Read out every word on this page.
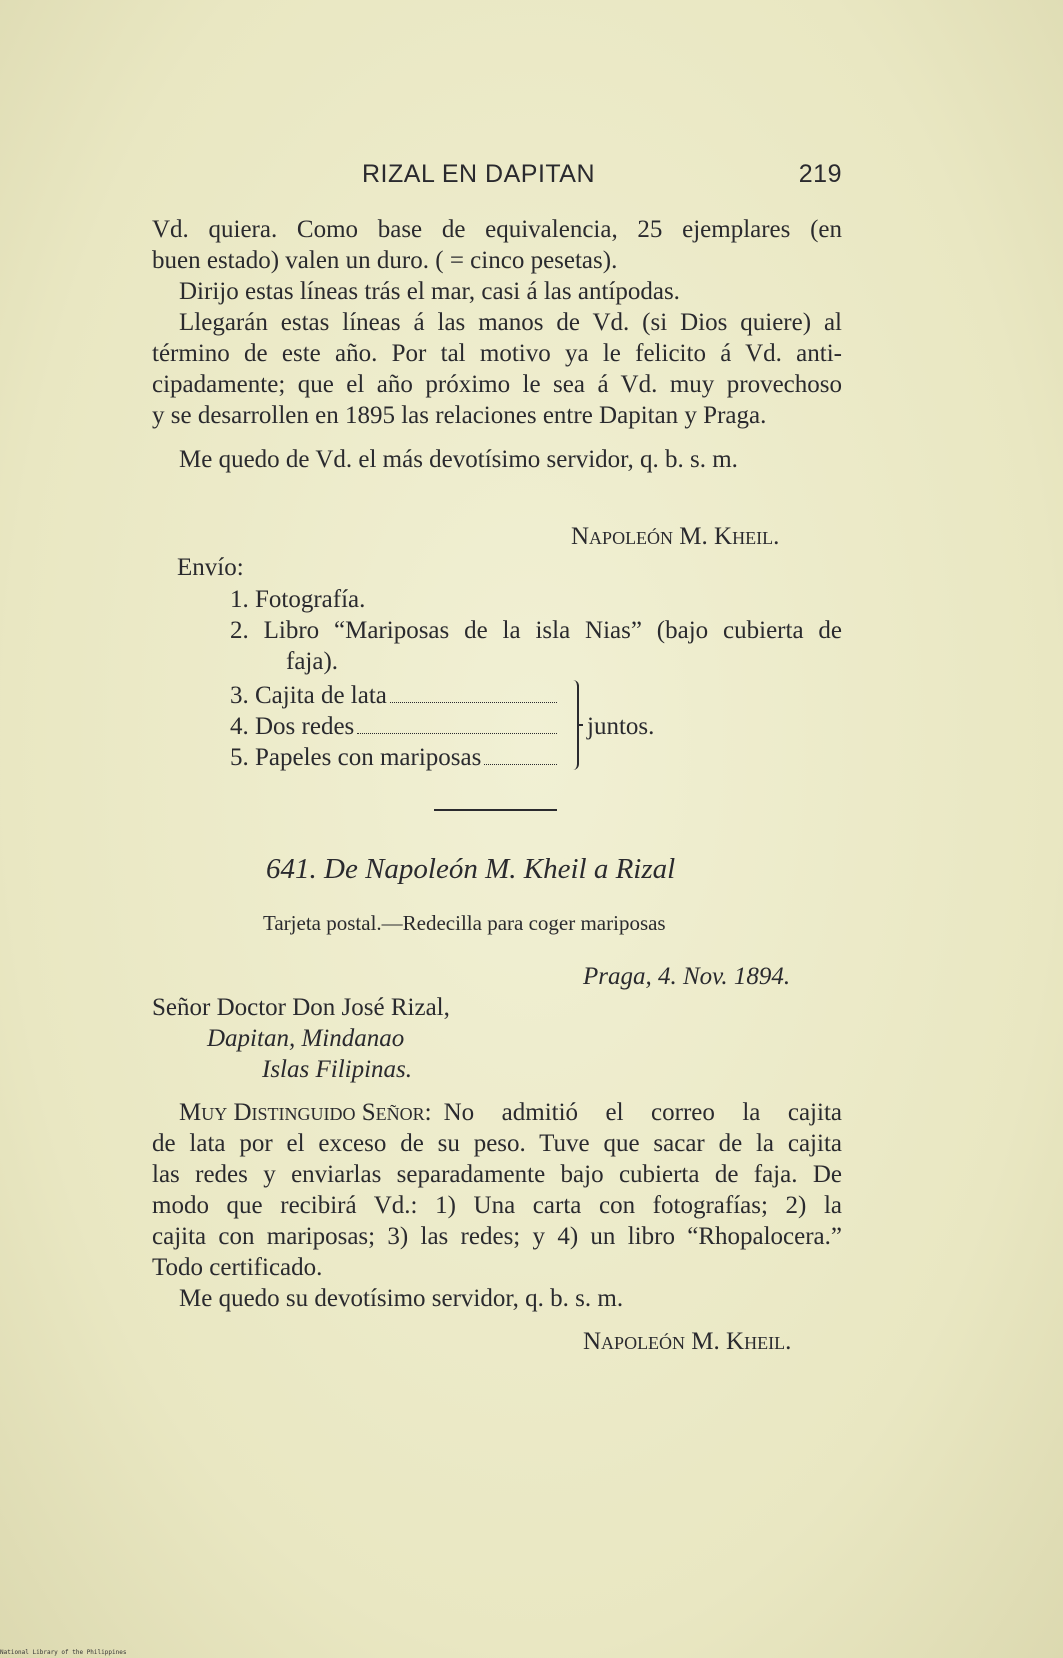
RIZAL EN DAPITAN	219
Vd. quiera. Como base de equivalencia, 25 ejemplares (en
buen estado) valen un duro. ( = cinco pesetas).
Dirijo estas líneas trás el mar, casi á las antípodas.
Llegarán estas líneas á las manos de Vd. (si Dios quiere) al
término de este año. Por tal motivo ya le felicito á Vd. anti-
cipadamente; que el año próximo le sea á Vd. muy provechoso
y se desarrollen en 1895 las relaciones entre Dapitan y Praga.
Me quedo de Vd. el más devotísimo servidor, q. b. s. m.
Napoleón M. Kheil.
Envío:
1. Fotografía.
2. Libro “Mariposas de la isla Nias” (bajo cubierta de
faja).
3. Cajita de lata
4. Dos redes
5. Papeles con mariposas
juntos.
641. De Napoleón M. Kheil a Rizal
Tarjeta postal.—Redecilla para coger mariposas
Praga, 4. Nov. 1894.
Señor Doctor Don José Rizal,
Dapitan, Mindanao
Islas Filipinas.
Muy Distinguido Señor: No admitió el correo la cajita
de lata por el exceso de su peso. Tuve que sacar de la cajita
las redes y enviarlas separadamente bajo cubierta de faja. De
modo que recibirá Vd.: 1) Una carta con fotografías; 2) la
cajita con mariposas; 3) las redes; y 4) un libro “Rhopalocera.”
Todo certificado.
Me quedo su devotísimo servidor, q. b. s. m.
Napoleón M. Kheil.
National Library of the Philippines
